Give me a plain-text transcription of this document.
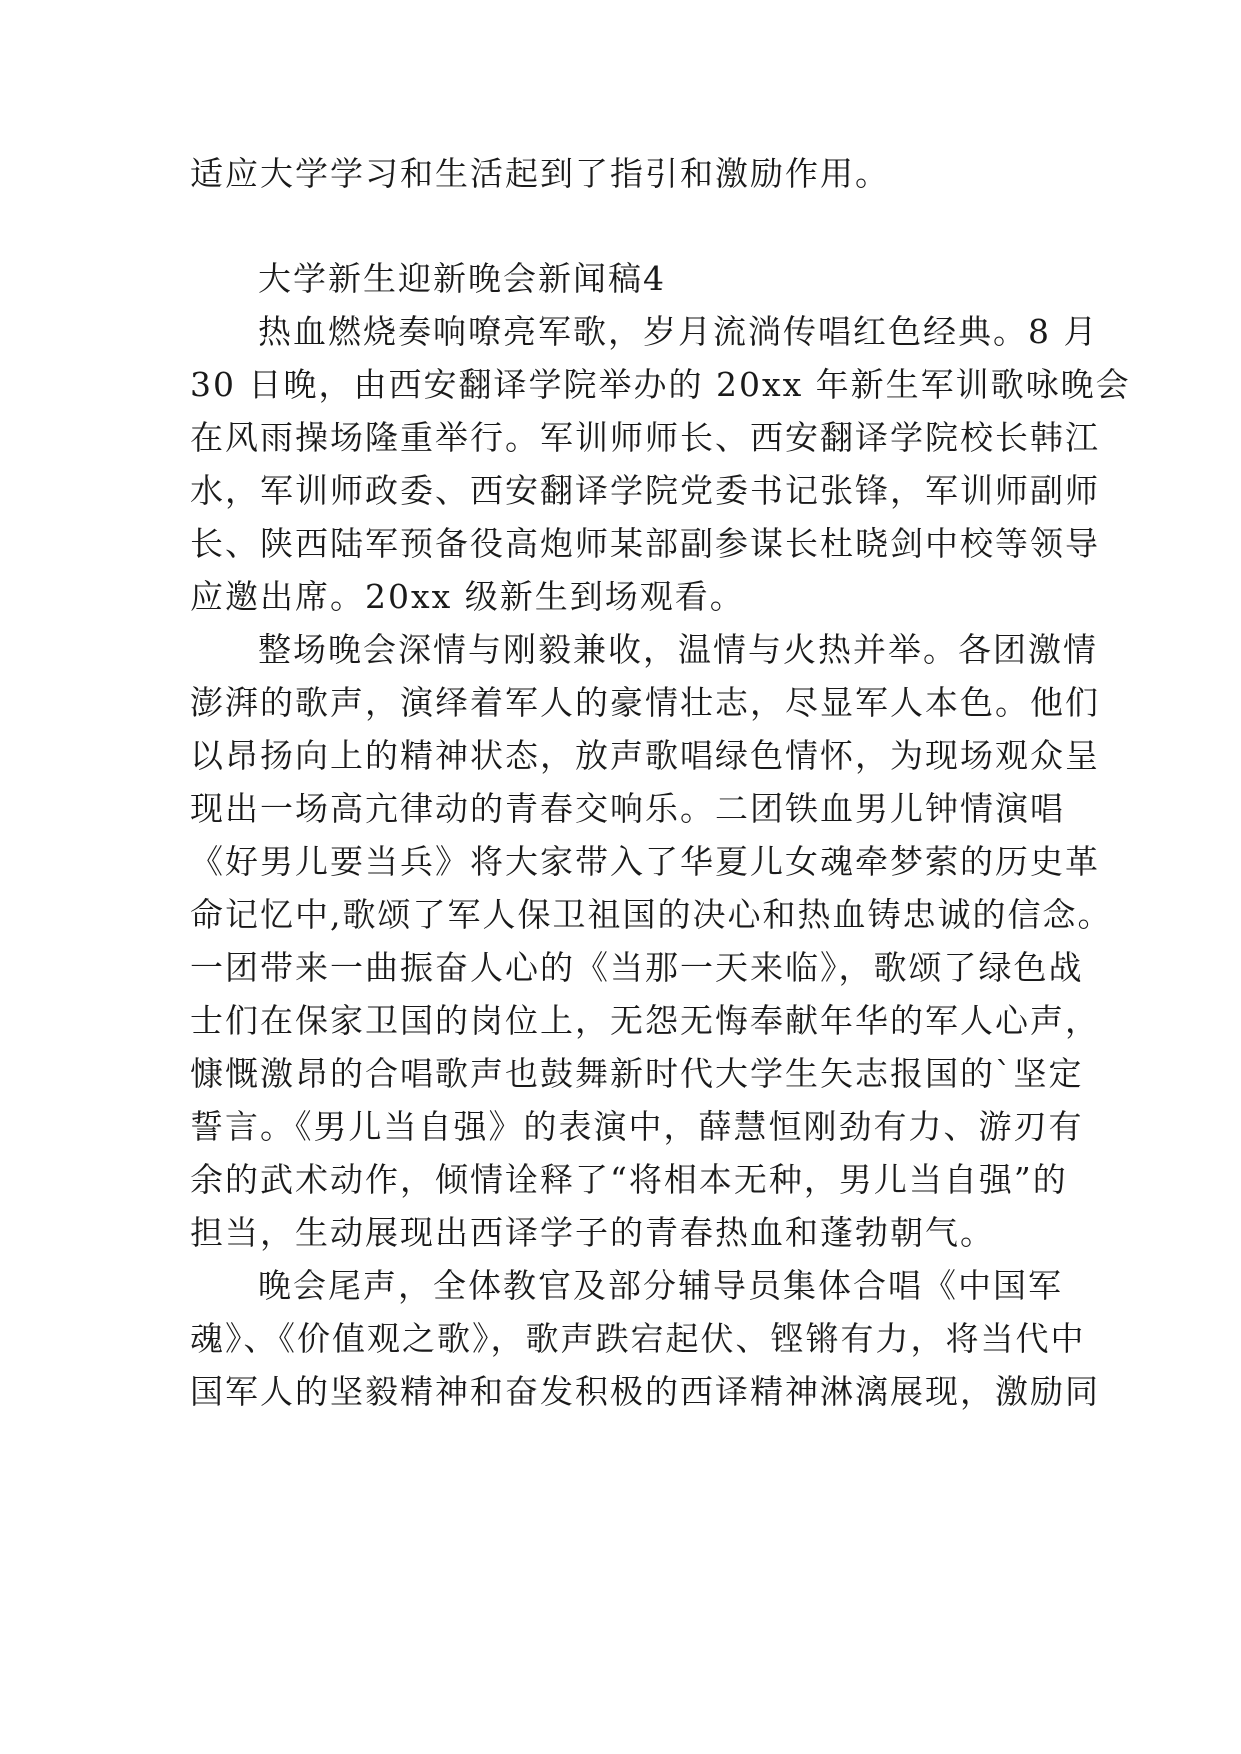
适应大学学习和生活起到了指引和激励作用。
大学新生迎新晚会新闻稿4
热血燃烧奏响嘹亮军歌，岁月流淌传唱红色经典。8 月
30 日晚，由西安翻译学院举办的 20xx 年新生军训歌咏晚会
在风雨操场隆重举行。军训师师长、西安翻译学院校长韩江
水，军训师政委、西安翻译学院党委书记张锋，军训师副师
长、陕西陆军预备役高炮师某部副参谋长杜晓剑中校等领导
应邀出席。20xx 级新生到场观看。
整场晚会深情与刚毅兼收，温情与火热并举。各团激情
澎湃的歌声，演绎着军人的豪情壮志，尽显军人本色。他们
以昂扬向上的精神状态，放声歌唱绿色情怀，为现场观众呈
现出一场高亢律动的青春交响乐。二团铁血男儿钟情演唱
《好男儿要当兵》将大家带入了华夏儿女魂牵梦萦的历史革
命记忆中,歌颂了军人保卫祖国的决心和热血铸忠诚的信念。
一团带来一曲振奋人心的《当那一天来临》，歌颂了绿色战
士们在保家卫国的岗位上，无怨无悔奉献年华的军人心声，
慷慨激昂的合唱歌声也鼓舞新时代大学生矢志报国的`坚定
誓言。《男儿当自强》的表演中，薛慧恒刚劲有力、游刃有
余的武术动作，倾情诠释了“将相本无种，男儿当自强”的
担当，生动展现出西译学子的青春热血和蓬勃朝气。
晚会尾声，全体教官及部分辅导员集体合唱《中国军
魂》、《价值观之歌》，歌声跌宕起伏、铿锵有力，将当代中
国军人的坚毅精神和奋发积极的西译精神淋漓展现，激励同
